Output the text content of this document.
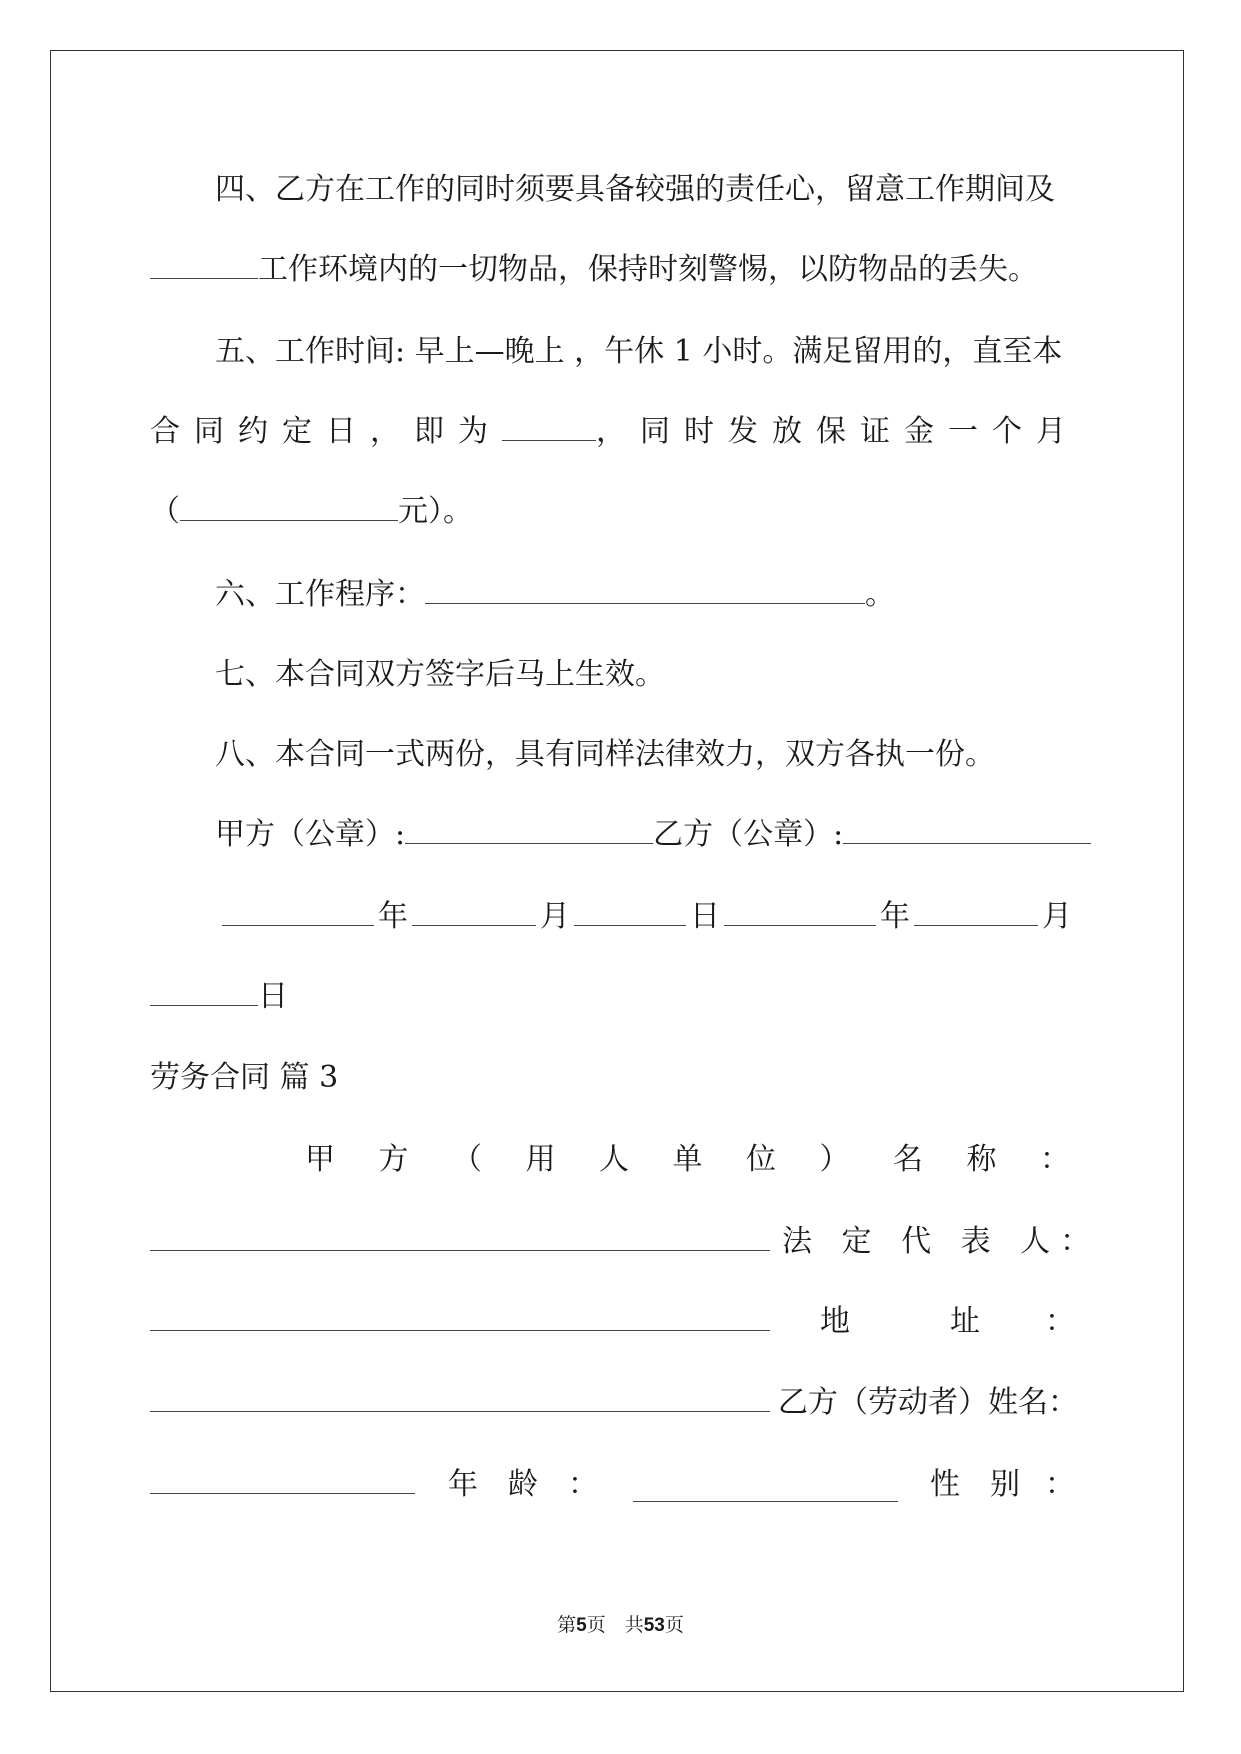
四、乙方在工作的同时须要具备较强的责任心，留意工作期间及
工作环境内的一切物品，保持时刻警惕，以防物品的丢失。
五、工作时间: 早上—晚上 ，午休 1 小时。满足留用的，直至本
合同约定日，即为	，同时发放保证金一个月
（	元）。
六、工作程序：	。
七、本合同双方签字后马上生效。
八、本合同一式两份，具有同样法律效力，双方各执一份。
甲方（公章）:	乙方（公章）:
年	月	日	年	月
日
劳务合同 篇 3
甲 方 （ 用 人 单 位 ） 名 称 ：
法 定 代 表 人：
地	址 ：
乙方（劳动者）姓名：
年 龄 ：	性 别 ：
第5页　共53页
